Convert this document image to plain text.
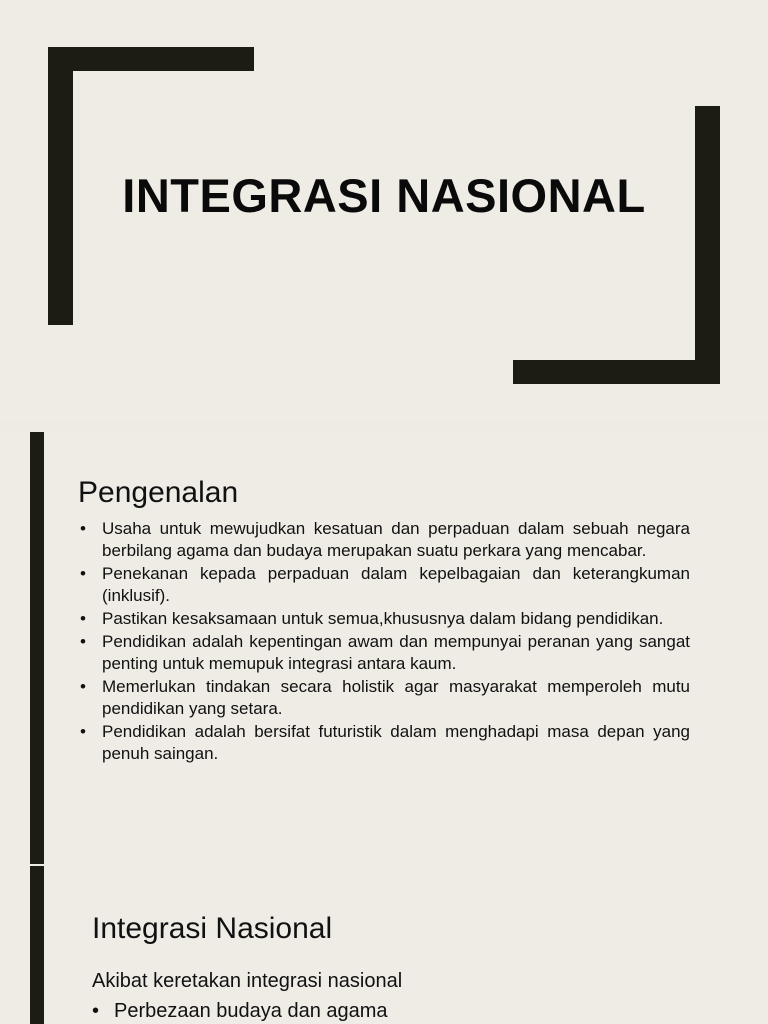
INTEGRASI NASIONAL
Pengenalan
• Usaha untuk mewujudkan kesatuan dan perpaduan dalam sebuah negara berbilang agama dan budaya merupakan suatu perkara yang mencabar.
• Penekanan kepada perpaduan dalam kepelbagaian dan keterangkuman (inklusif).
• Pastikan kesaksamaan untuk semua,khususnya dalam bidang pendidikan.
• Pendidikan adalah kepentingan awam dan mempunyai peranan yang sangat penting untuk memupuk integrasi antara kaum.
• Memerlukan tindakan secara holistik agar masyarakat memperoleh mutu pendidikan yang setara.
• Pendidikan adalah bersifat futuristik dalam menghadapi masa depan yang penuh saingan.
Integrasi Nasional
Akibat keretakan integrasi nasional
• Perbezaan budaya dan agama
